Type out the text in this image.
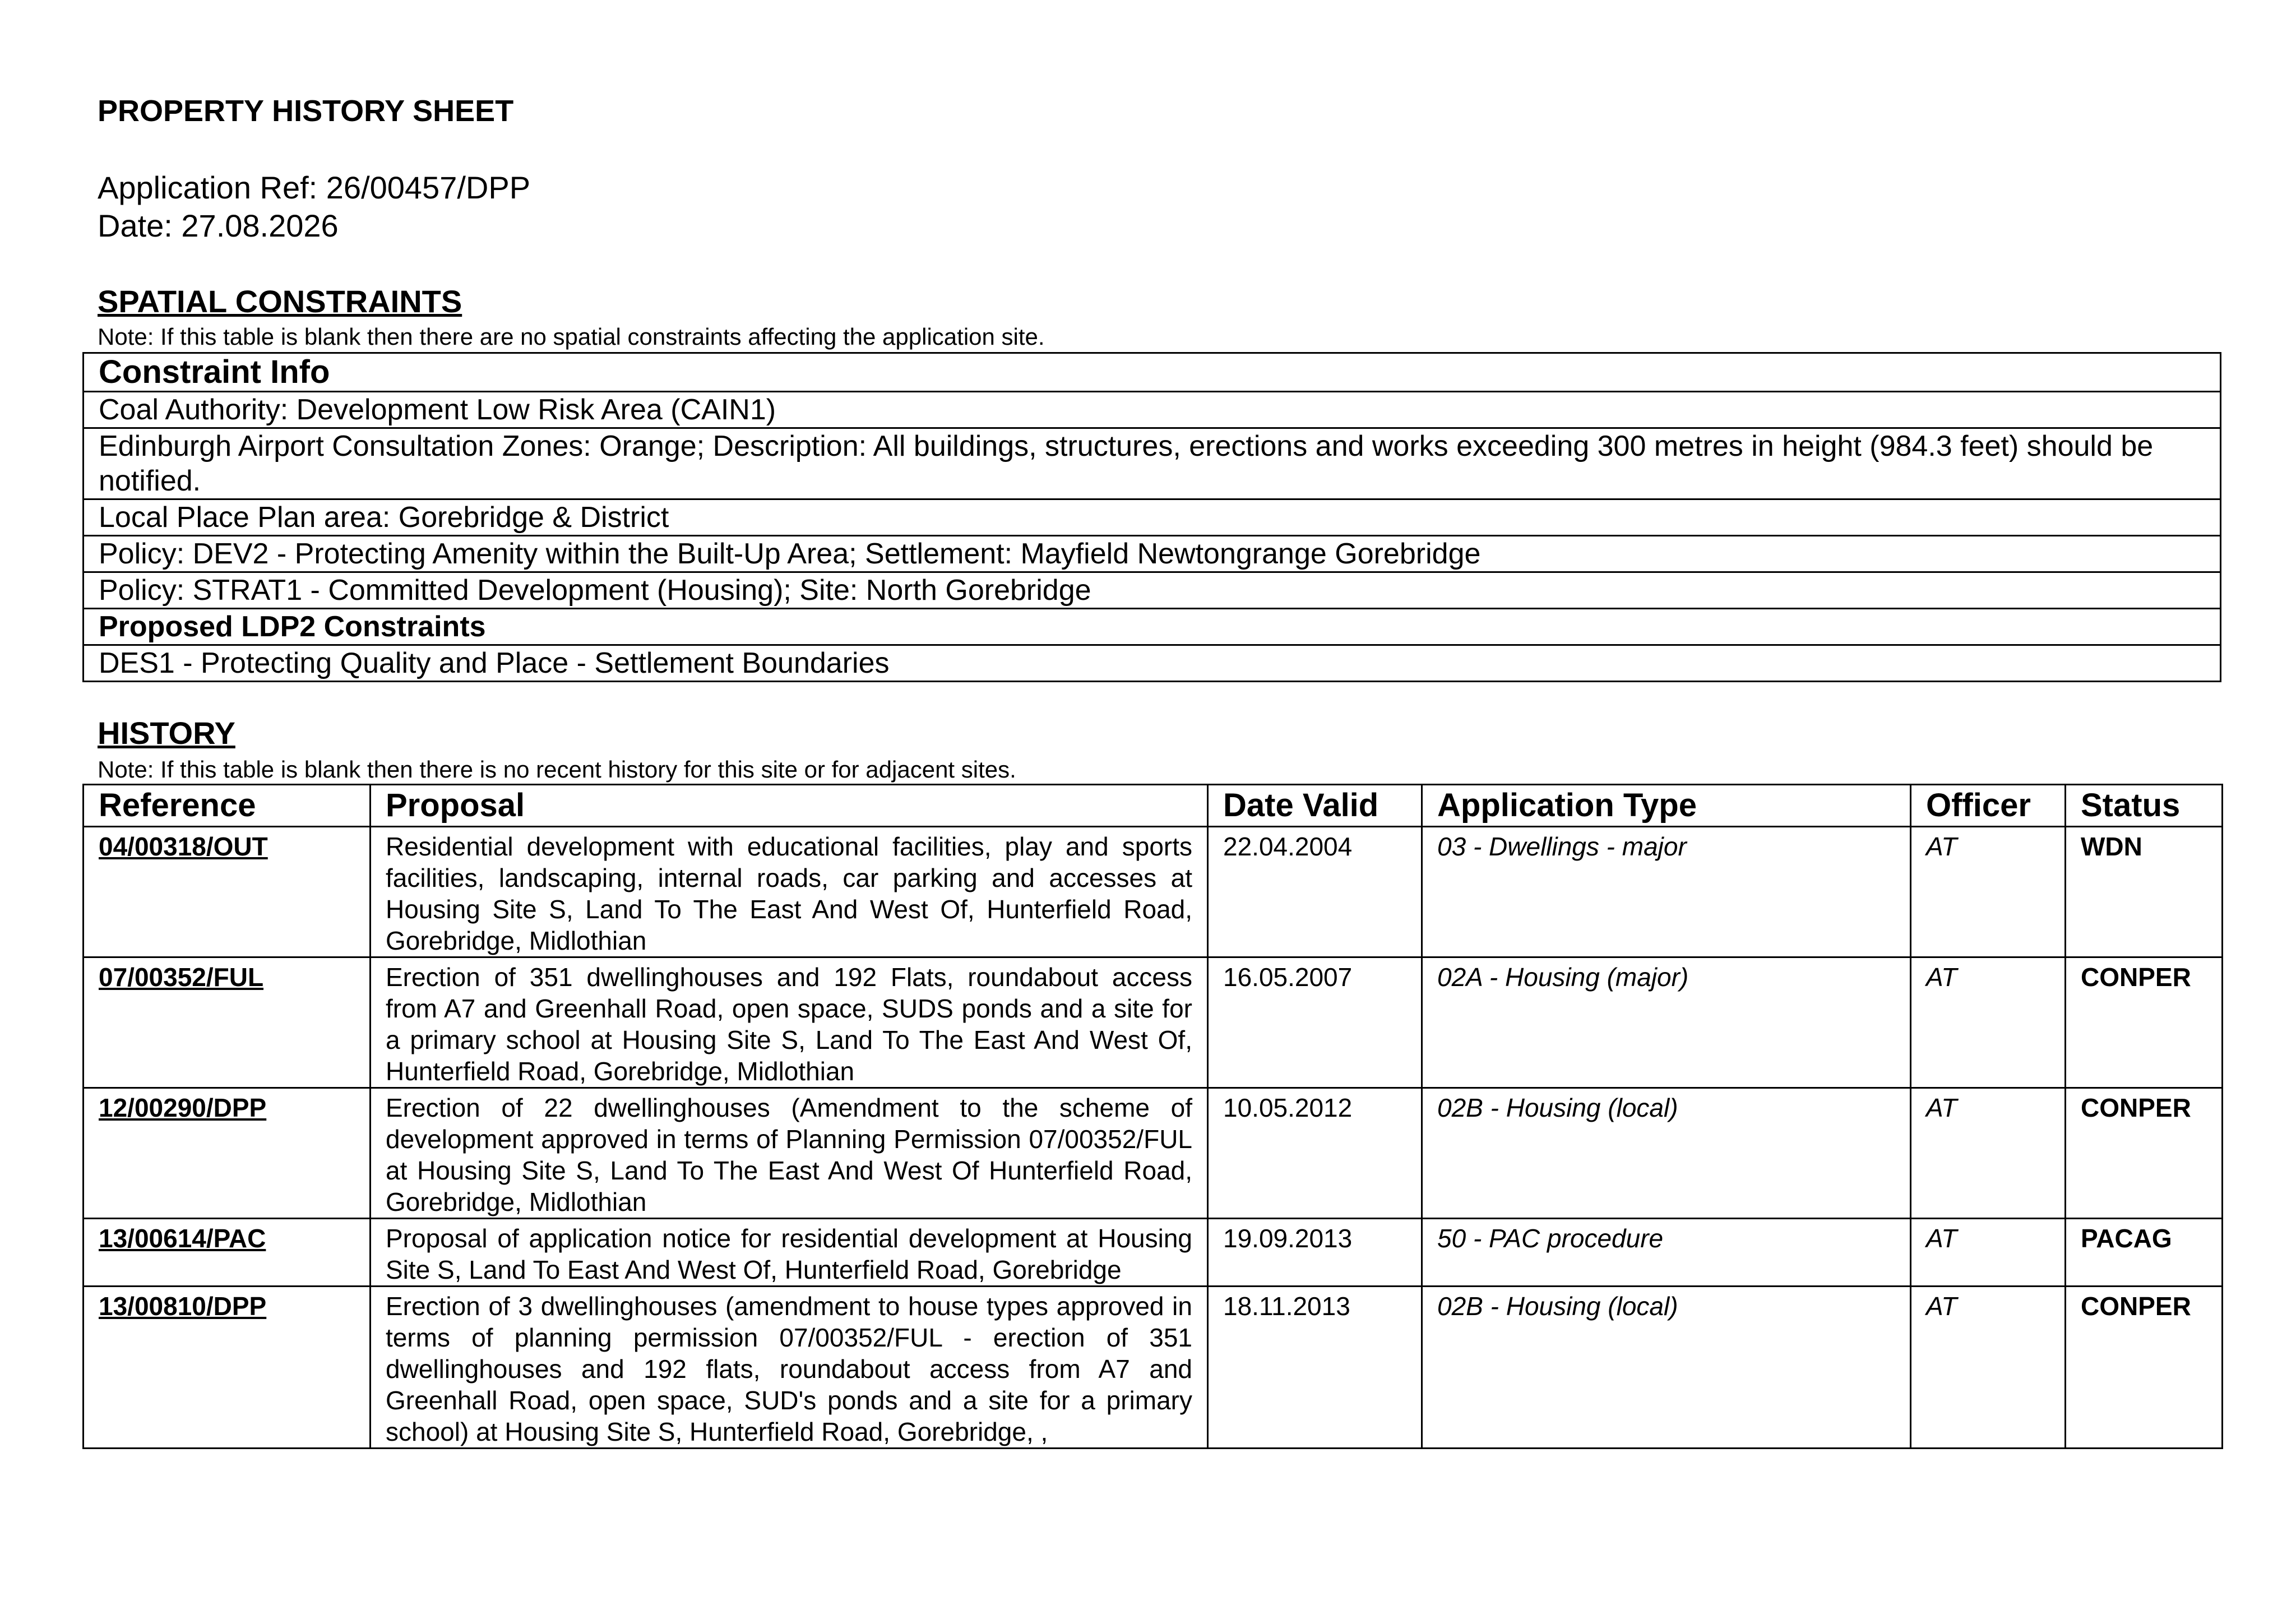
PROPERTY HISTORY SHEET

Application Ref: 26/00457/DPP

Date: 27.08.2026

SPATIAL CONSTRAINTS

Note: If this table is blank then there are no spatial constraints affecting the application site.

Constraint Info
Coal Authority: Development Low Risk Area (CAIN1)
Edinburgh Airport Consultation Zones: Orange; Description: All buildings, structures, erections and works exceeding 300 metres in height (984.3 feet) should be notified.
Local Place Plan area: Gorebridge & District
Policy: DEV2 - Protecting Amenity within the Built-Up Area; Settlement: Mayfield Newtongrange Gorebridge
Policy: STRAT1 - Committed Development (Housing); Site: North Gorebridge
Proposed LDP2 Constraints
DES1 - Protecting Quality and Place - Settlement Boundaries
HISTORY

Note: If this table is blank then there is no recent history for this site or for adjacent sites.

Reference	Proposal	Date Valid	Application Type	Officer	Status
04/00318/OUT	Residential development with educational facilities, play and sports facilities, landscaping, internal roads, car parking and accesses at Housing Site S, Land To The East And West Of, Hunterfield Road, Gorebridge, Midlothian	22.04.2004	03 - Dwellings - major	AT	WDN
07/00352/FUL	Erection of 351 dwellinghouses and 192 Flats, roundabout access from A7 and Greenhall Road, open space, SUDS ponds and a site for a primary school at Housing Site S, Land To The East And West Of, Hunterfield Road, Gorebridge, Midlothian	16.05.2007	02A - Housing (major)	AT	CONPER
12/00290/DPP	Erection of 22 dwellinghouses (Amendment to the scheme of development approved in terms of Planning Permission 07/00352/FUL at Housing Site S, Land To The East And West Of Hunterfield Road, Gorebridge, Midlothian	10.05.2012	02B - Housing (local)	AT	CONPER
13/00614/PAC	Proposal of application notice for residential development at Housing Site S, Land To East And West Of, Hunterfield Road, Gorebridge	19.09.2013	50 - PAC procedure	AT	PACAG
13/00810/DPP	Erection of 3 dwellinghouses (amendment to house types approved in terms of planning permission 07/00352/FUL - erection of 351 dwellinghouses and 192 flats, roundabout access from A7 and Greenhall Road, open space, SUD's ponds and a site for a primary school) at Housing Site S, Hunterfield Road, Gorebridge, ,	18.11.2013	02B - Housing (local)	AT	CONPER
